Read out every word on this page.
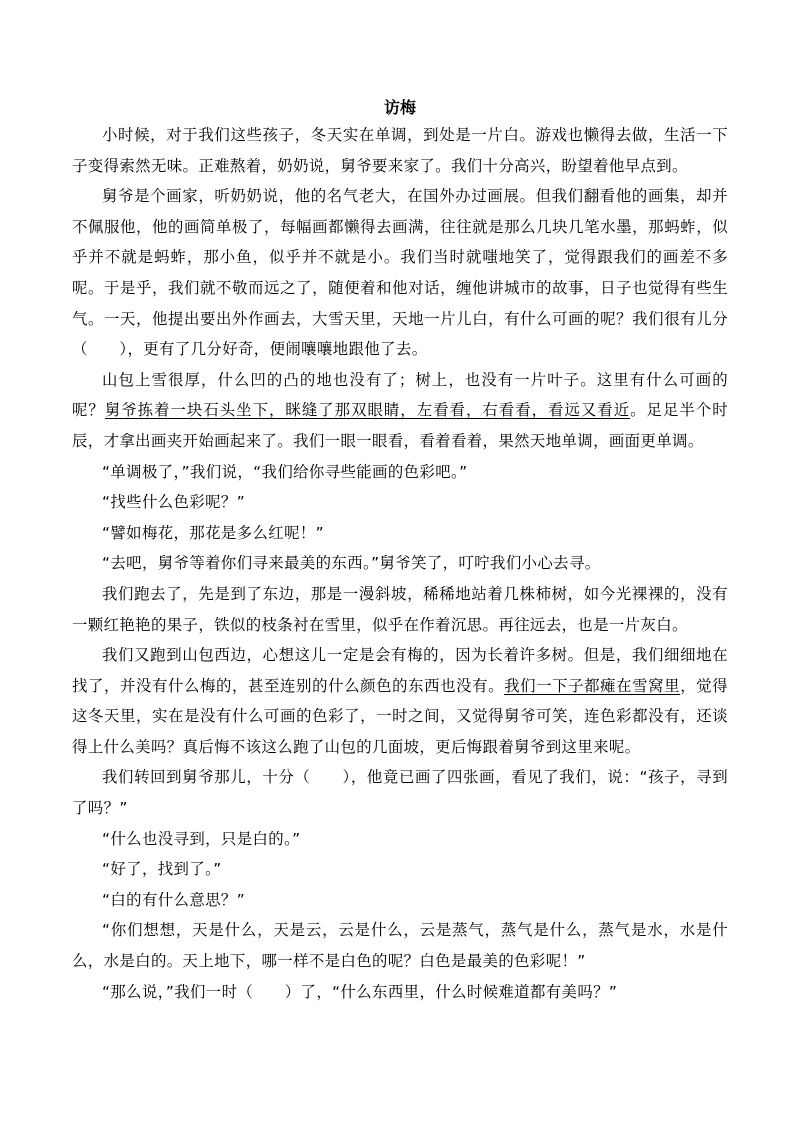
访梅

小时候，对于我们这些孩子，冬天实在单调，到处是一片白。游戏也懒得去做，生活一下子变得索然无味。正难熬着，奶奶说，舅爷要来家了。我们十分高兴，盼望着他早点到。

舅爷是个画家，听奶奶说，他的名气老大，在国外办过画展。但我们翻看他的画集，却并不佩服他，他的画简单极了，每幅画都懒得去画满，往往就是那么几块几笔水墨，那蚂蚱，似乎并不就是蚂蚱，那小鱼，似乎并不就是小。我们当时就嗤地笑了，觉得跟我们的画差不多呢。于是乎，我们就不敬而远之了，随便着和他对话，缠他讲城市的故事，日子也觉得有些生气。一天，他提出要出外作画去，大雪天里，天地一片儿白，有什么可画的呢？我们很有儿分（　　），更有了几分好奇，便闹嚷嚷地跟他了去。

山包上雪很厚，什么凹的凸的地也没有了；树上，也没有一片叶子。这里有什么可画的呢？舅爷拣着一块石头坐下，眯缝了那双眼睛，左看看，右看看，看远又看近。足足半个时辰，才拿出画夹开始画起来了。我们一眼一眼看，看着看着，果然天地单调，画面更单调。

“单调极了，”我们说，“我们给你寻些能画的色彩吧。”

“找些什么色彩呢？”

“譬如梅花，那花是多么红呢！”

“去吧，舅爷等着你们寻来最美的东西。”舅爷笑了，叮咛我们小心去寻。

我们跑去了，先是到了东边，那是一漫斜坡，稀稀地站着几株柿树，如今光裸裸的，没有一颗红艳艳的果子，铁似的枝条衬在雪里，似乎在作着沉思。再往远去，也是一片灰白。

我们又跑到山包西边，心想这儿一定是会有梅的，因为长着许多树。但是，我们细细地在找了，并没有什么梅的，甚至连别的什么颜色的东西也没有。我们一下子都瘫在雪窝里，觉得这冬天里，实在是没有什么可画的色彩了，一时之间，又觉得舅爷可笑，连色彩都没有，还谈得上什么美吗？真后悔不该这么跑了山包的几面坡，更后悔跟着舅爷到这里来呢。

我们转回到舅爷那儿，十分（　　），他竟已画了四张画，看见了我们，说：“孩子，寻到了吗？”

“什么也没寻到，只是白的。”

“好了，找到了。”

“白的有什么意思？”

“你们想想，天是什么，天是云，云是什么，云是蒸气，蒸气是什么，蒸气是水，水是什么，水是白的。天上地下，哪一样不是白色的呢？白色是最美的色彩呢！”

“那么说，”我们一时（　　）了，“什么东西里，什么时候难道都有美吗？”
